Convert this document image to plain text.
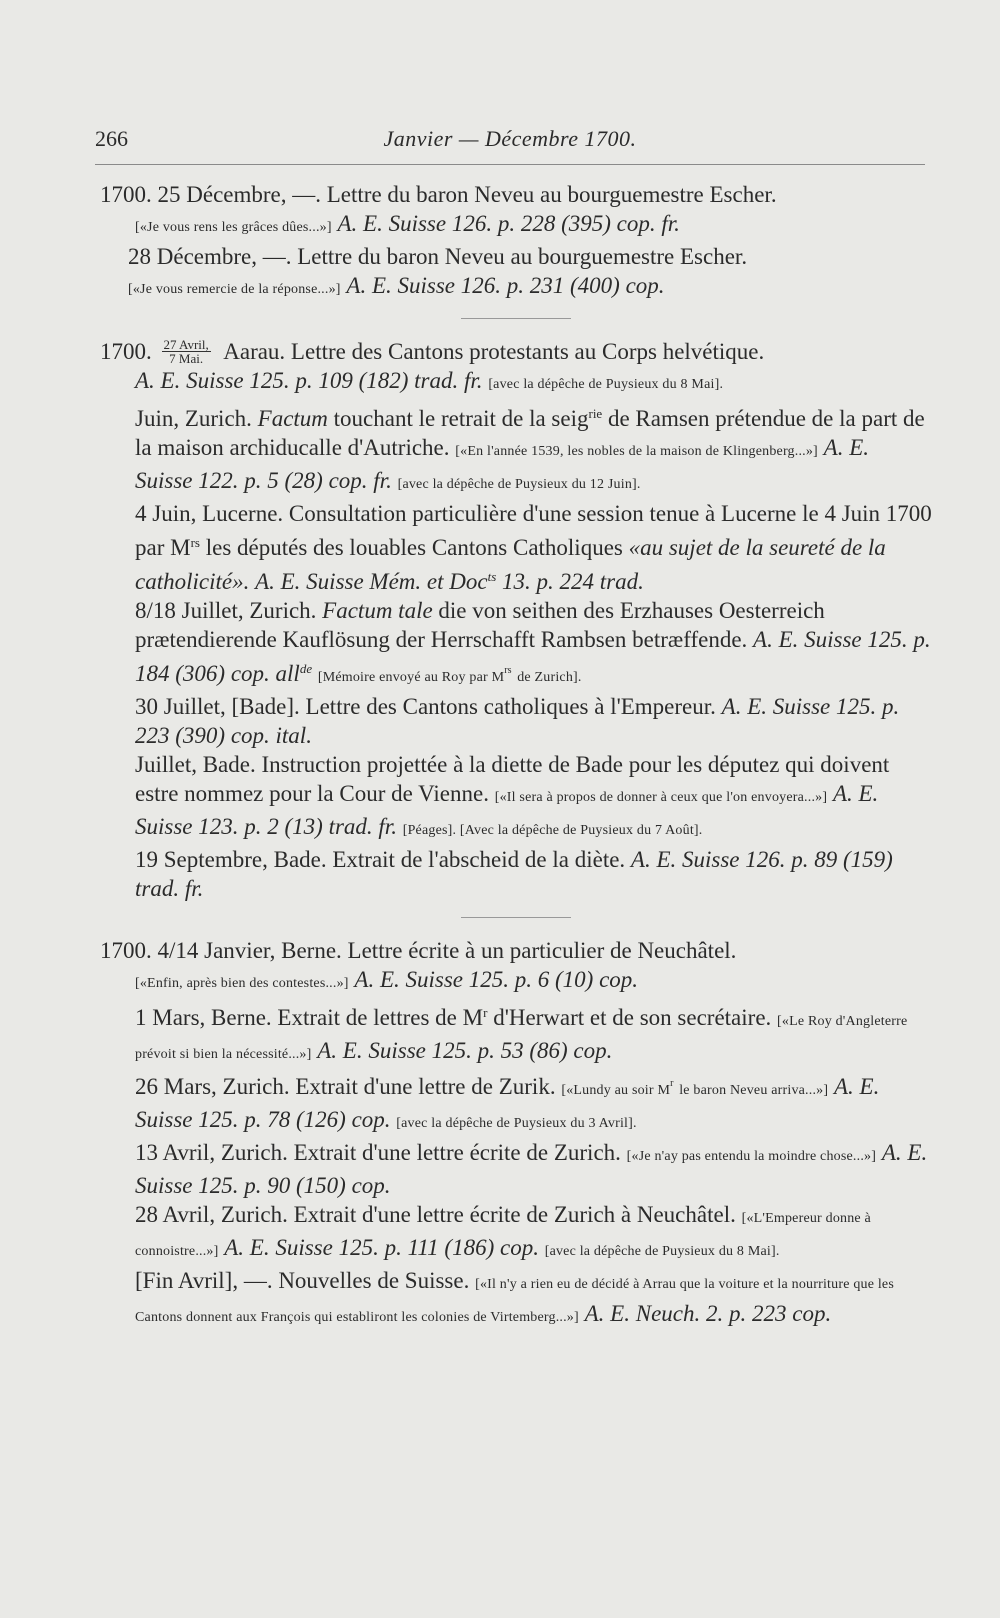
266	Janvier — Décembre 1700.

1700. 25 Décembre, —. Lettre du baron Neveu au bourguemestre Escher.
[«Je vous rens les grâces dûes...»] A. E. Suisse 126. p. 228 (395) cop. fr.

28 Décembre, —. Lettre du baron Neveu au bourguemestre Escher.
[«Je vous remercie de la réponse...»] A. E. Suisse 126. p. 231 (400) cop.

1700. $\frac{\text{27 Avril,}}{\text{7 Mai.}}$ Aarau. Lettre des Cantons protestants au Corps helvétique.
A. E. Suisse 125. p. 109 (182) trad. fr. [avec la dépêche de Puysieux du 8 Mai].

Juin, Zurich. Factum touchant le retrait de la seig$^{rie}$ de Ramsen prétendue de la part de la maison archiducalle d'Autriche. [«En l'année 1539, les nobles de la maison de Klingenberg...»] A. E. Suisse 122. p. 5 (28) cop. fr. [avec la dépêche de Puysieux du 12 Juin].

4 Juin, Lucerne. Consultation particulière d'une session tenue à Lucerne le 4 Juin 1700 par $M^{rs}$ les députés des louables Cantons Catholiques «au sujet de la seureté de la catholicité». A. E. Suisse Mém. et Doc$^{ts}$ 13. p. 224 trad.

8/18 Juillet, Zurich. Factum tale die von seithen des Erzhauses Oesterreich prætendierende Kauflösung der Herrschafft Rambsen betræffende. A. E. Suisse 125. p. 184 (306) cop. all$^{de}$ [Mémoire envoyé au Roy par $M^{rs}$ de Zurich].

30 Juillet, [Bade]. Lettre des Cantons catholiques à l'Empereur. A. E. Suisse 125. p. 223 (390) cop. ital.

Juillet, Bade. Instruction projettée à la diette de Bade pour les députez qui doivent estre nommez pour la Cour de Vienne. [«Il sera à propos de donner à ceux que l'on envoyera...»] A. E. Suisse 123. p. 2 (13) trad. fr. [Péages]. [Avec la dépêche de Puysieux du 7 Août].

19 Septembre, Bade. Extrait de l'abscheid de la diète. A. E. Suisse 126. p. 89 (159) trad. fr.

1700. 4/14 Janvier, Berne. Lettre écrite à un particulier de Neuchâtel.
[«Enfin, après bien des contestes...»] A. E. Suisse 125. p. 6 (10) cop.

1 Mars, Berne. Extrait de lettres de $M^r$ d'Herwart et de son secrétaire. [«Le Roy d'Angleterre prévoit si bien la nécessité...»] A. E. Suisse 125. p. 53 (86) cop.

26 Mars, Zurich. Extrait d'une lettre de Zurik. [«Lundy au soir $M^r$ le baron Neveu arriva...»] A. E. Suisse 125. p. 78 (126) cop. [avec la dépêche de Puysieux du 3 Avril].

13 Avril, Zurich. Extrait d'une lettre écrite de Zurich. [«Je n'ay pas entendu la moindre chose...»] A. E. Suisse 125. p. 90 (150) cop.

28 Avril, Zurich. Extrait d'une lettre écrite de Zurich à Neuchâtel. [«L'Empereur donne à connoistre...»] A. E. Suisse 125. p. 111 (186) cop. [avec la dépêche de Puysieux du 8 Mai].

[Fin Avril], —. Nouvelles de Suisse. [«Il n'y a rien eu de décidé à Arrau que la voiture et la nourriture que les Cantons donnent aux François qui establiront les colonies de Virtemberg...»] A. E. Neuch. 2. p. 223 cop.
